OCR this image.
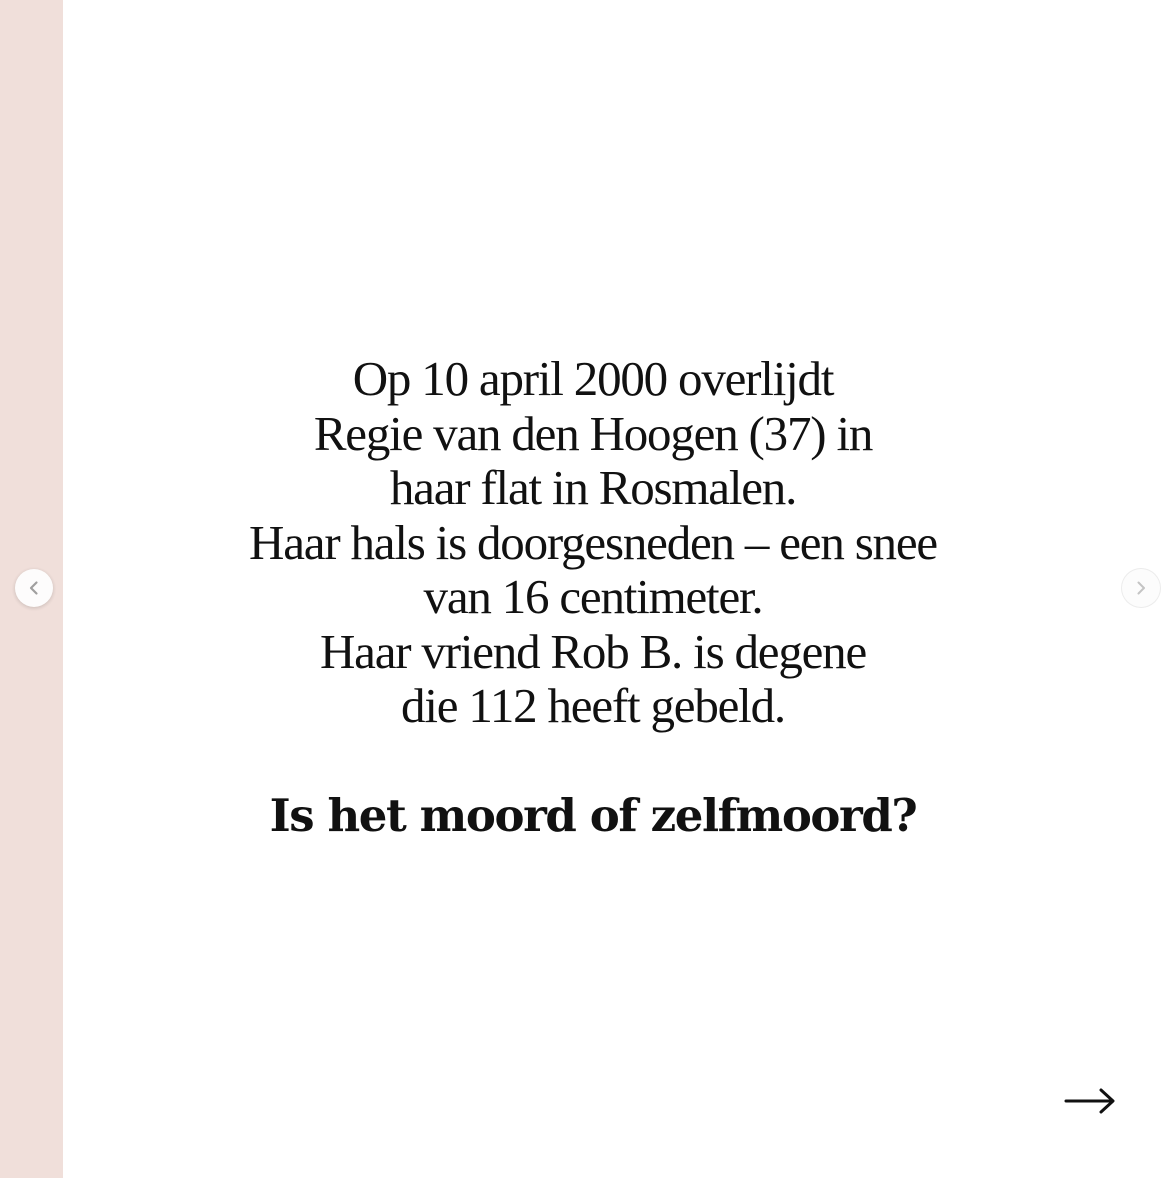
Op 10 april 2000 overlijdt
Regie van den Hoogen (37) in
haar flat in Rosmalen.
Haar hals is doorgesneden – een snee
van 16 centimeter.
Haar vriend Rob B. is degene
die 112 heeft gebeld.
Is het moord of zelfmoord?
